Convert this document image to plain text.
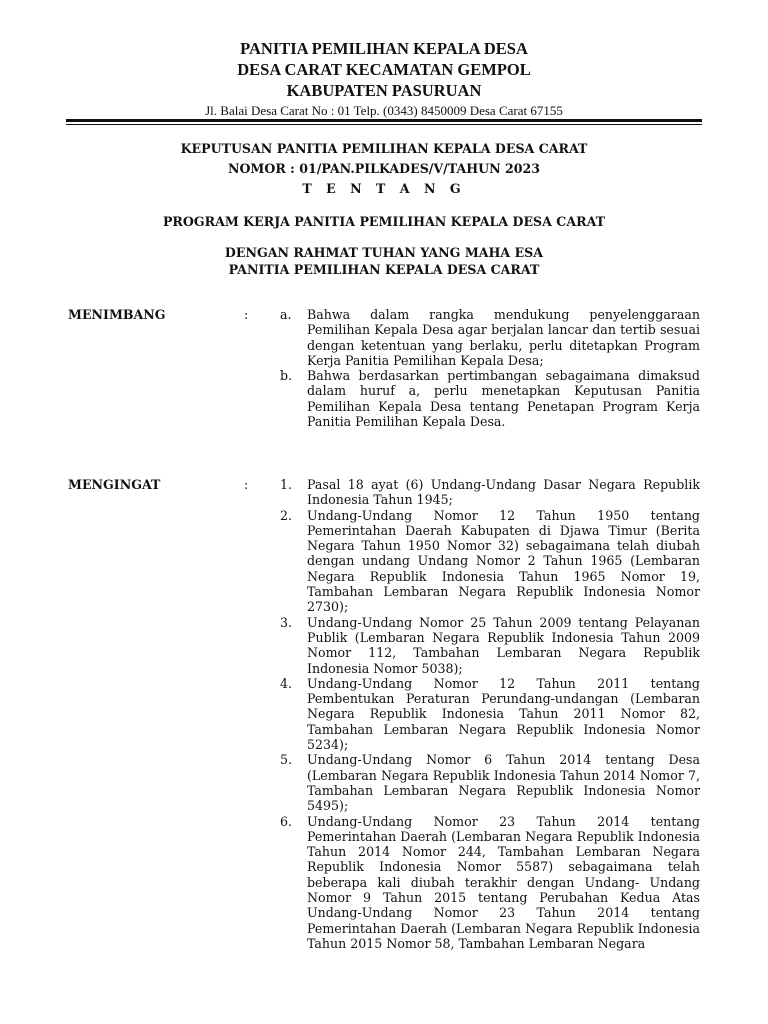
PANITIA PEMILIHAN KEPALA DESA
DESA CARAT KECAMATAN GEMPOL
KABUPATEN PASURUAN
Jl. Balai Desa Carat No : 01 Telp. (0343) 8450009 Desa Carat 67155
KEPUTUSAN PANITIA PEMILIHAN KEPALA DESA CARAT
NOMOR : 01/PAN.PILKADES/V/TAHUN 2023
T E N T A N G
PROGRAM KERJA PANITIA PEMILIHAN KEPALA DESA CARAT
DENGAN RAHMAT TUHAN YANG MAHA ESA
PANITIA PEMILIHAN KEPALA DESA CARAT
MENIMBANG	:	a. Bahwa dalam rangka mendukung penyelenggaraan Pemilihan Kepala Desa agar berjalan lancar dan tertib sesuai dengan ketentuan yang berlaku, perlu ditetapkan Program Kerja Panitia Pemilihan Kepala Desa;
b. Bahwa berdasarkan pertimbangan sebagaimana dimaksud dalam huruf a, perlu menetapkan Keputusan Panitia Pemilihan Kepala Desa tentang Penetapan Program Kerja Panitia Pemilihan Kepala Desa.
MENGINGAT	:	1. Pasal 18 ayat (6) Undang-Undang Dasar Negara Republik Indonesia Tahun 1945;
2. Undang-Undang Nomor 12 Tahun 1950 tentang Pemerintahan Daerah Kabupaten di Djawa Timur (Berita Negara Tahun 1950 Nomor 32) sebagaimana telah diubah dengan undang Undang Nomor 2 Tahun 1965 (Lembaran Negara Republik Indonesia Tahun 1965 Nomor 19, Tambahan Lembaran Negara Republik Indonesia Nomor 2730);
3. Undang-Undang Nomor 25 Tahun 2009 tentang Pelayanan Publik (Lembaran Negara Republik Indonesia Tahun 2009 Nomor 112, Tambahan Lembaran Negara Republik Indonesia Nomor 5038);
4. Undang-Undang Nomor 12 Tahun 2011 tentang Pembentukan Peraturan Perundang-undangan (Lembaran Negara Republik Indonesia Tahun 2011 Nomor 82, Tambahan Lembaran Negara Republik Indonesia Nomor 5234);
5. Undang-Undang Nomor 6 Tahun 2014 tentang Desa (Lembaran Negara Republik Indonesia Tahun 2014 Nomor 7, Tambahan Lembaran Negara Republik Indonesia Nomor 5495);
6. Undang-Undang Nomor 23 Tahun 2014 tentang Pemerintahan Daerah (Lembaran Negara Republik Indonesia Tahun 2014 Nomor 244, Tambahan Lembaran Negara Republik Indonesia Nomor 5587) sebagaimana telah beberapa kali diubah terakhir dengan Undang- Undang Nomor 9 Tahun 2015 tentang Perubahan Kedua Atas Undang-Undang Nomor 23 Tahun 2014 tentang Pemerintahan Daerah (Lembaran Negara Republik Indonesia Tahun 2015 Nomor 58, Tambahan Lembaran Negara
